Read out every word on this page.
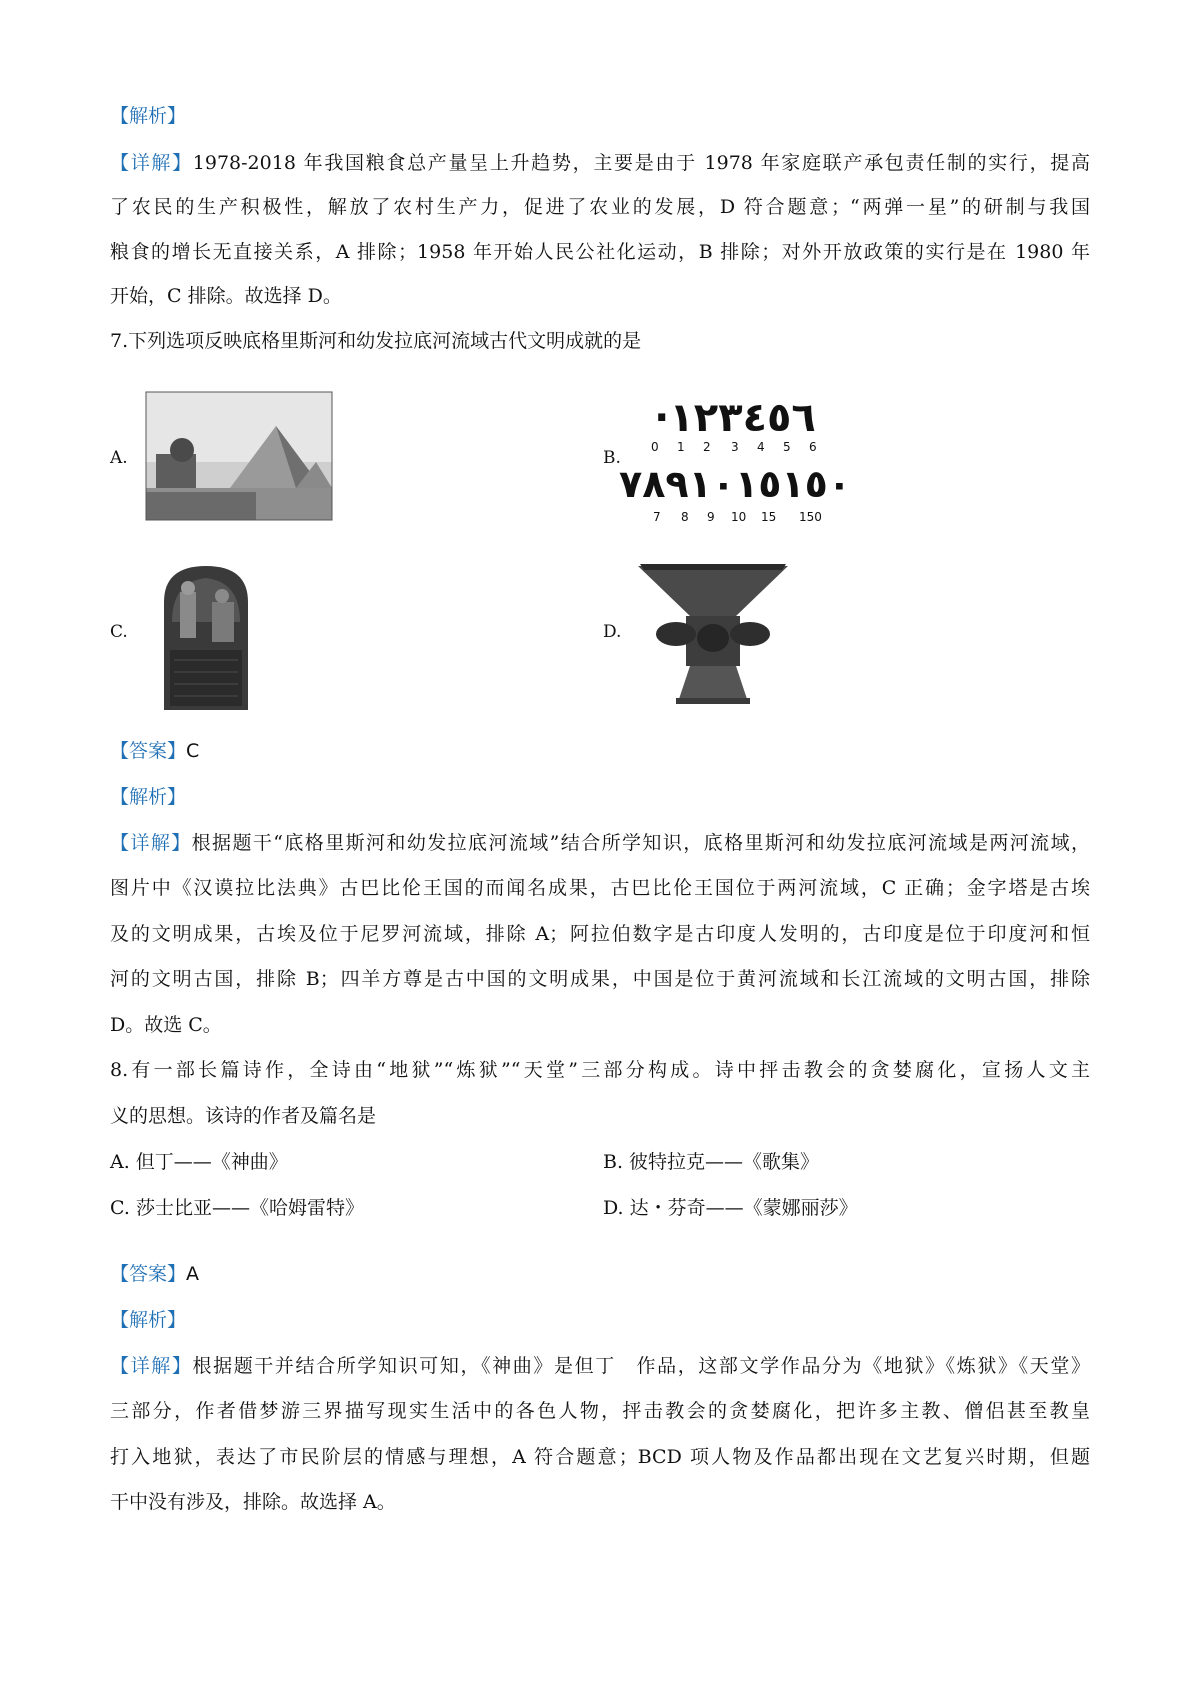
【解析】
【详解】1978-2018 年我国粮食总产量呈上升趋势，主要是由于 1978 年家庭联产承包责任制的实行，提高
了农民的生产积极性，解放了农村生产力，促进了农业的发展，D 符合题意；“两弹一星”的研制与我国
粮食的增长无直接关系，A 排除；1958 年开始人民公社化运动，B 排除；对外开放政策的实行是在 1980 年
开始，C 排除。故选择 D。
7.下列选项反映底格里斯河和幼发拉底河流域古代文明成就的是
A.	B.
·١٢٣٤٥٦
0 1 2 3 4 5 6
٧٨٩١٠١٥١٥٠
7 8 9 10 15 150
C.	D.
【答案】C
【解析】
【详解】根据题干“底格里斯河和幼发拉底河流域”结合所学知识，底格里斯河和幼发拉底河流域是两河流域，
图片中《汉谟拉比法典》古巴比伦王国的而闻名成果，古巴比伦王国位于两河流域，C 正确；金字塔是古埃
及的文明成果，古埃及位于尼罗河流域，排除 A；阿拉伯数字是古印度人发明的，古印度是位于印度河和恒
河的文明古国，排除 B；四羊方尊是古中国的文明成果，中国是位于黄河流域和长江流域的文明古国，排除
D。故选 C。
8.有一部长篇诗作，全诗由“地狱”“炼狱”“天堂”三部分构成。诗中抨击教会的贪婪腐化，宣扬人文主
义的思想。该诗的作者及篇名是
A. 但丁——《神曲》	B. 彼特拉克——《歌集》
C. 莎士比亚——《哈姆雷特》	D. 达・芬奇——《蒙娜丽莎》
【答案】A
【解析】
【详解】根据题干并结合所学知识可知，《神曲》是但丁　作品，这部文学作品分为《地狱》《炼狱》《天堂》
三部分，作者借梦游三界描写现实生活中的各色人物，抨击教会的贪婪腐化，把许多主教、僧侣甚至教皇
打入地狱，表达了市民阶层的情感与理想，A 符合题意；BCD 项人物及作品都出现在文艺复兴时期，但题
干中没有涉及，排除。故选择 A。
